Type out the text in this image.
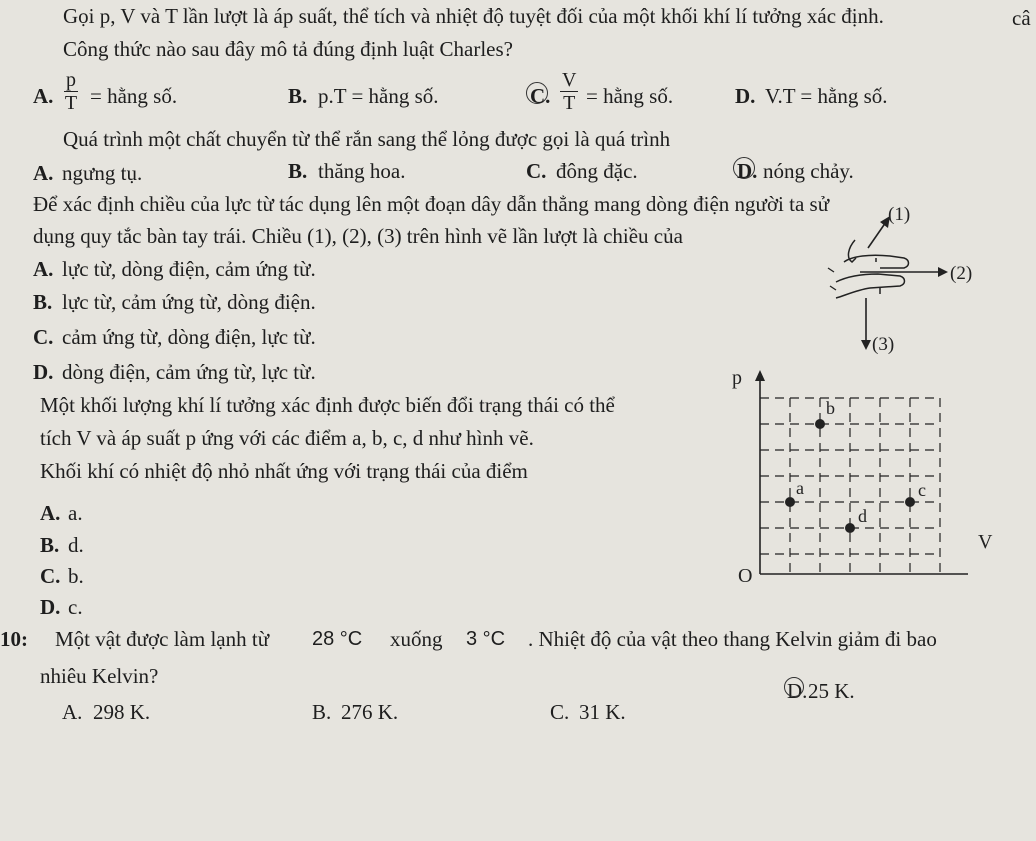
Gọi p, V và T lần lượt là áp suất, thể tích và nhiệt độ tuyệt đối của một khối khí lí tưởng xác định.	câ
Công thức nào sau đây mô tả đúng định luật Charles?
A. $\frac{p}{T}$ = hằng số.	B. p.T = hằng số.	C. $\frac{V}{T}$ = hằng số.	D. V.T = hằng số.
Quá trình một chất chuyển từ thể rắn sang thể lỏng được gọi là quá trình
A. ngưng tụ.	B. thăng hoa.	C. đông đặc.	D. nóng chảy.
Để xác định chiều của lực từ tác dụng lên một đoạn dây dẫn thẳng mang dòng điện người ta sử
dụng quy tắc bàn tay trái. Chiều (1), (2), (3) trên hình vẽ lần lượt là chiều của
A. lực từ, dòng điện, cảm ứng từ.
B. lực từ, cảm ứng từ, dòng điện.
C. cảm ứng từ, dòng điện, lực từ.
D. dòng điện, cảm ứng từ, lực từ.
(1)
(2)
(3)
Một khối lượng khí lí tưởng xác định được biến đổi trạng thái có thể
tích V và áp suất p ứng với các điểm a, b, c, d như hình vẽ.
Khối khí có nhiệt độ nhỏ nhất ứng với trạng thái của điểm
A. a.
B. d.
C. b.
D. c.
p
V
O
b
a	c
d
10: Một vật được làm lạnh từ 28 °C xuống 3 °C . Nhiệt độ của vật theo thang Kelvin giảm đi bao
nhiêu Kelvin?
D. 25 K.
A. 298 K.	B. 276 K.	C. 31 K.
